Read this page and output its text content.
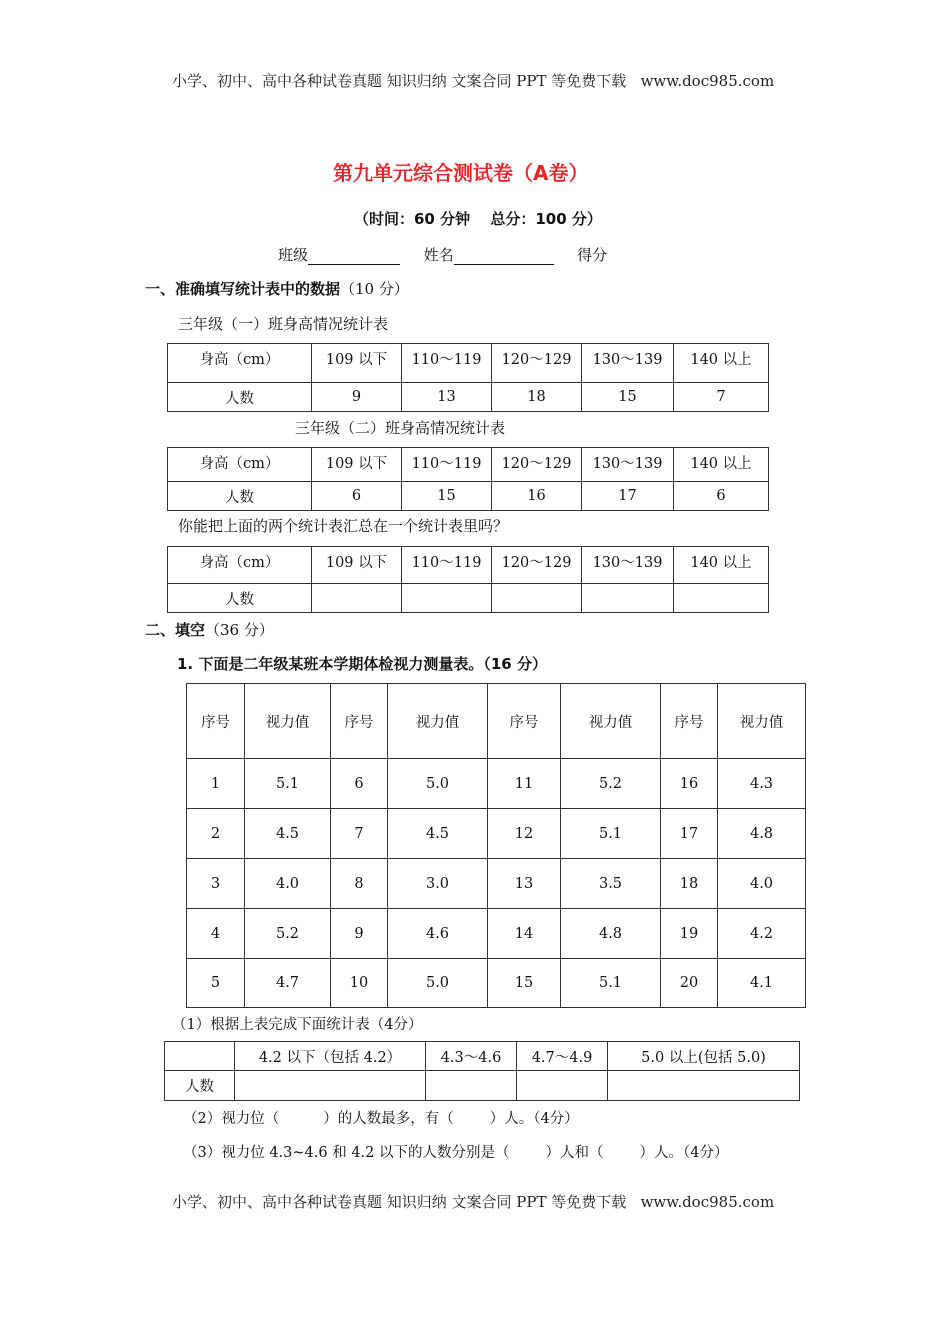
小学、初中、高中各种试卷真题 知识归纳 文案合同 PPT 等免费下载 www.doc985.com
第九单元综合测试卷（A卷）
（时间：60 分钟　 总分：100 分）
班级	姓名	得分
一、准确填写统计表中的数据（10 分）
三年级（一）班身高情况统计表
身高（cm）	109 以下	110～119	120～129	130～139	140 以上
人数	9	13	18	15	7
三年级（二）班身高情况统计表
身高（cm）	109 以下	110～119	120～129	130～139	140 以上
人数	6	15	16	17	6
你能把上面的两个统计表汇总在一个统计表里吗？
身高（cm）	109 以下	110～119	120～129	130～139	140 以上
人数					
二、填空（36 分）
1. 下面是二年级某班本学期体检视力测量表。（16 分）
序号	视力值	序号	视力值	序号	视力值	序号	视力值
1	5.1	6	5.0	11	5.2	16	4.3
2	4.5	7	4.5	12	5.1	17	4.8
3	4.0	8	3.0	13	3.5	18	4.0
4	5.2	9	4.6	14	4.8	19	4.2
5	4.7	10	5.0	15	5.1	20	4.1
（1）根据上表完成下面统计表（4分）
	4.2 以下（包括 4.2）	4.3～4.6	4.7～4.9	5.0 以上(包括 5.0)
人数				
（2）视力位（	）的人数最多，有（ ）人。（4分）
（3）视力位 4.3~4.6 和 4.2 以下的人数分别是（ ）人和（ ）人。（4分）
小学、初中、高中各种试卷真题 知识归纳 文案合同 PPT 等免费下载 www.doc985.com
